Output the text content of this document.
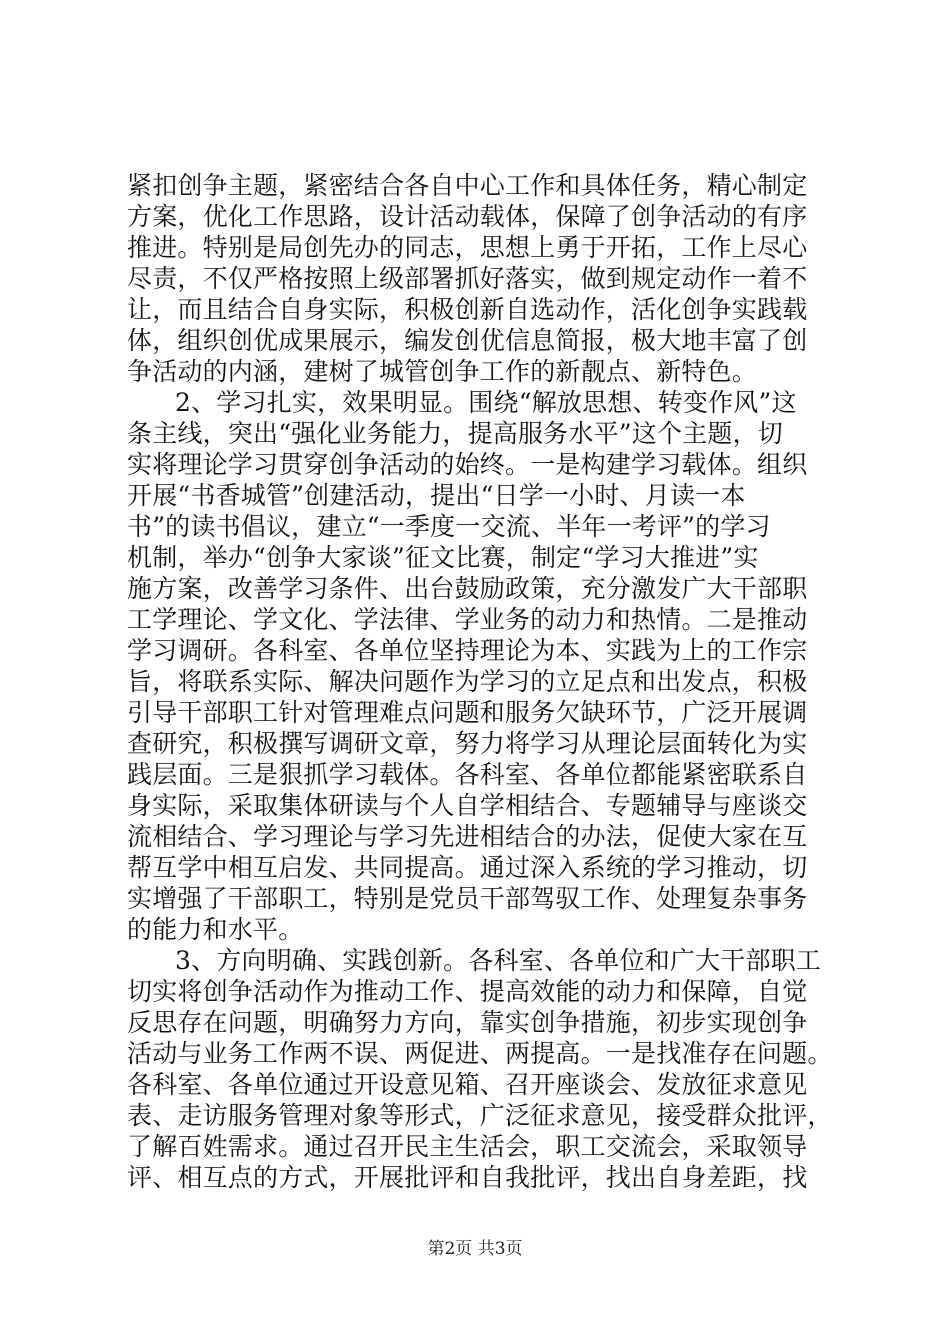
紧扣创争主题，紧密结合各自中心工作和具体任务，精心制定
方案，优化工作思路，设计活动载体，保障了创争活动的有序
推进。特别是局创先办的同志，思想上勇于开拓，工作上尽心
尽责，不仅严格按照上级部署抓好落实，做到规定动作一着不
让，而且结合自身实际，积极创新自选动作，活化创争实践载
体，组织创优成果展示，编发创优信息简报，极大地丰富了创
争活动的内涵，建树了城管创争工作的新靓点、新特色。
2、学习扎实，效果明显。围绕“解放思想、转变作风”这
条主线，突出“强化业务能力，提高服务水平”这个主题，切
实将理论学习贯穿创争活动的始终。一是构建学习载体。组织
开展“书香城管”创建活动，提出“日学一小时、月读一本
书”的读书倡议，建立“一季度一交流、半年一考评”的学习
机制，举办“创争大家谈”征文比赛，制定“学习大推进”实
施方案，改善学习条件、出台鼓励政策，充分激发广大干部职
工学理论、学文化、学法律、学业务的动力和热情。二是推动
学习调研。各科室、各单位坚持理论为本、实践为上的工作宗
旨，将联系实际、解决问题作为学习的立足点和出发点，积极
引导干部职工针对管理难点问题和服务欠缺环节，广泛开展调
查研究，积极撰写调研文章，努力将学习从理论层面转化为实
践层面。三是狠抓学习载体。各科室、各单位都能紧密联系自
身实际，采取集体研读与个人自学相结合、专题辅导与座谈交
流相结合、学习理论与学习先进相结合的办法，促使大家在互
帮互学中相互启发、共同提高。通过深入系统的学习推动，切
实增强了干部职工，特别是党员干部驾驭工作、处理复杂事务
的能力和水平。
3、方向明确、实践创新。各科室、各单位和广大干部职工
切实将创争活动作为推动工作、提高效能的动力和保障，自觉
反思存在问题，明确努力方向，靠实创争措施，初步实现创争
活动与业务工作两不误、两促进、两提高。一是找准存在问题。
各科室、各单位通过开设意见箱、召开座谈会、发放征求意见
表、走访服务管理对象等形式，广泛征求意见，接受群众批评，
了解百姓需求。通过召开民主生活会，职工交流会，采取领导
评、相互点的方式，开展批评和自我批评，找出自身差距，找
第2页 共3页
